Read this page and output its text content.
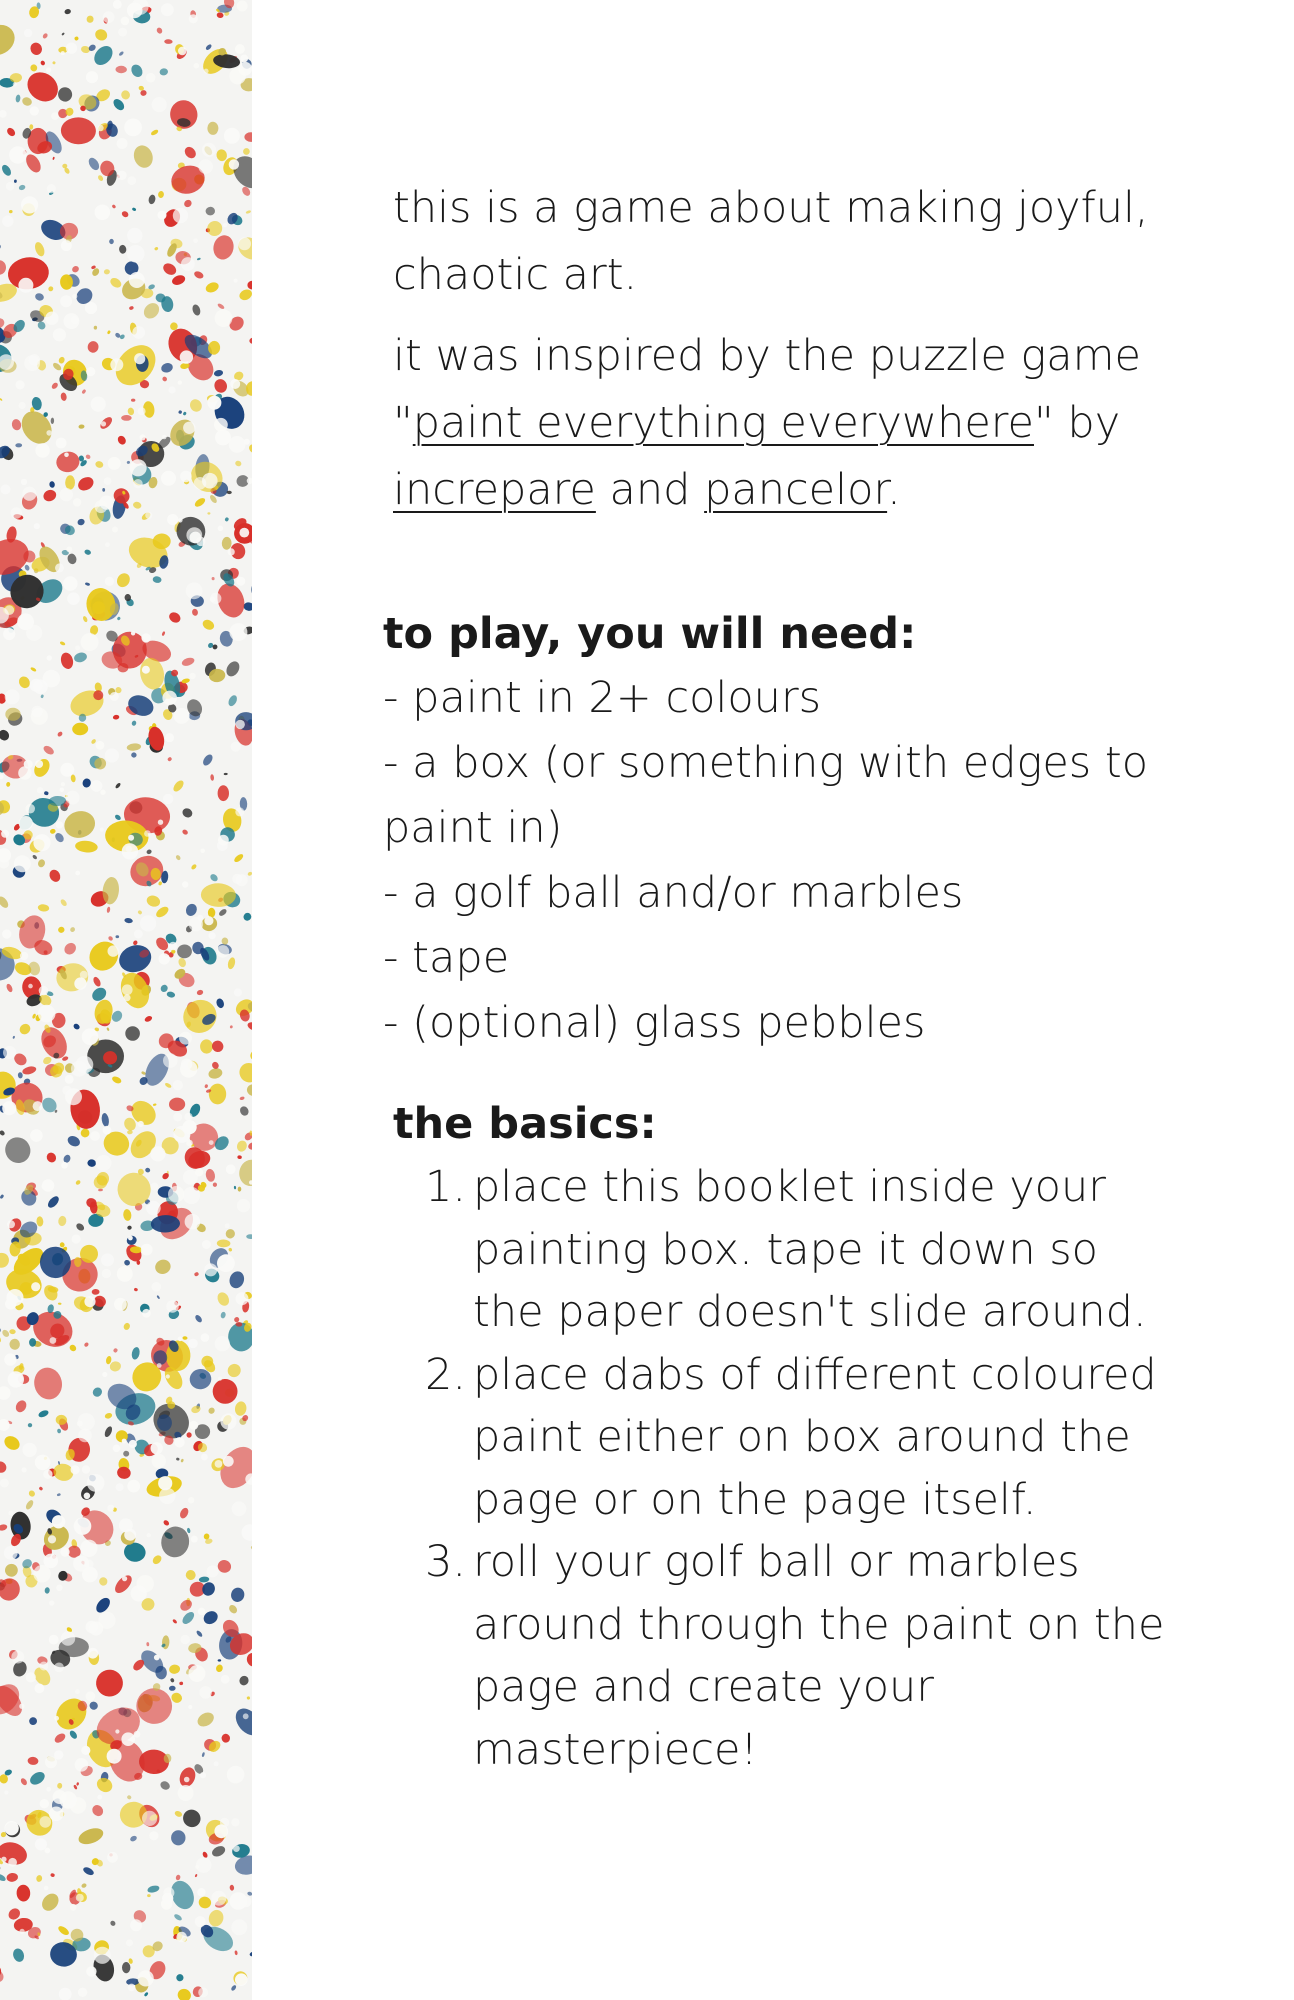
this is a game about making joyful, chaotic art.

it was inspired by the puzzle game "paint everything everywhere" by increpare and pancelor.

to play, you will need:
- paint in 2+ colours
- a box (or something with edges to paint in)
- a golf ball and/or marbles
- tape
- (optional) glass pebbles
the basics:
1. place this booklet inside your painting box. tape it down so the paper doesn't slide around.
2. place dabs of different coloured paint either on box around the page or on the page itself.
3. roll your golf ball or marbles around through the paint on the page and create your masterpiece!
